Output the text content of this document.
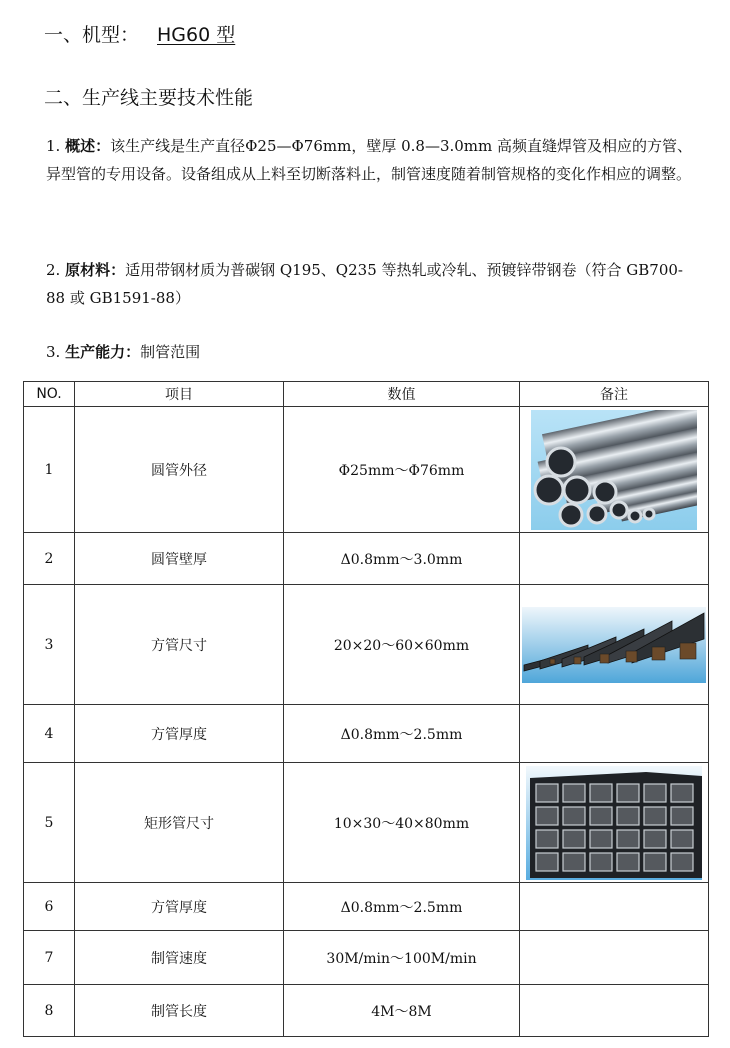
一、机型： HG60 型
二、生产线主要技术性能
1. 概述：该生产线是生产直径Φ25—Φ76mm，壁厚 0.8—3.0mm 高频直缝焊管及相应的方管、异型管的专用设备。设备组成从上料至切断落料止，制管速度随着制管规格的变化作相应的调整。
2. 原材料：适用带钢材质为普碳钢 Q195、Q235 等热轧或冷轧、预镀锌带钢卷（符合 GB700-88 或 GB1591-88）
3. 生产能力：制管范围
NO.	项目	数值	备注
1	圆管外径	Φ25mm～Φ76mm	

2	圆管壁厚	Δ0.8mm～3.0mm	
3	方管尺寸	20×20～60×60mm	

4	方管厚度	Δ0.8mm～2.5mm	
5	矩形管尺寸	10×30～40×80mm	

6	方管厚度	Δ0.8mm～2.5mm	
7	制管速度	30M/min～100M/min	
8	制管长度	4M～8M	
